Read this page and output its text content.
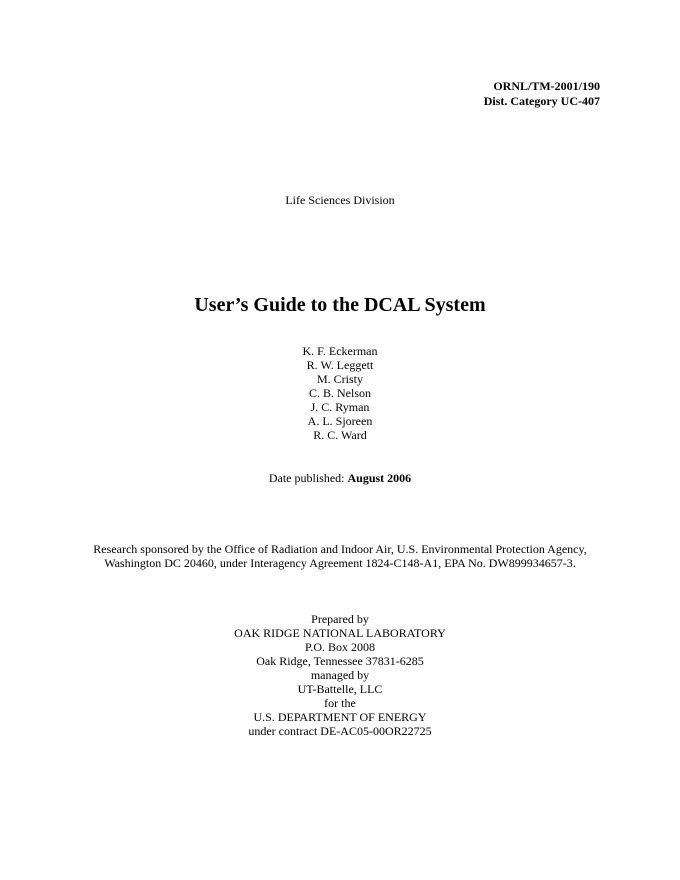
ORNL/TM-2001/190
Dist. Category UC-407
Life Sciences Division
User’s Guide to the DCAL System
K. F. Eckerman
R. W. Leggett
M. Cristy
C. B. Nelson
J. C. Ryman
A. L. Sjoreen
R. C. Ward
Date published: August 2006
Research sponsored by the Office of Radiation and Indoor Air, U.S. Environmental Protection Agency,
Washington DC 20460, under Interagency Agreement 1824-C148-A1, EPA No. DW899934657-3.
Prepared by
OAK RIDGE NATIONAL LABORATORY
P.O. Box 2008
Oak Ridge, Tennessee 37831-6285
managed by
UT-Battelle, LLC
for the
U.S. DEPARTMENT OF ENERGY
under contract DE-AC05-00OR22725
